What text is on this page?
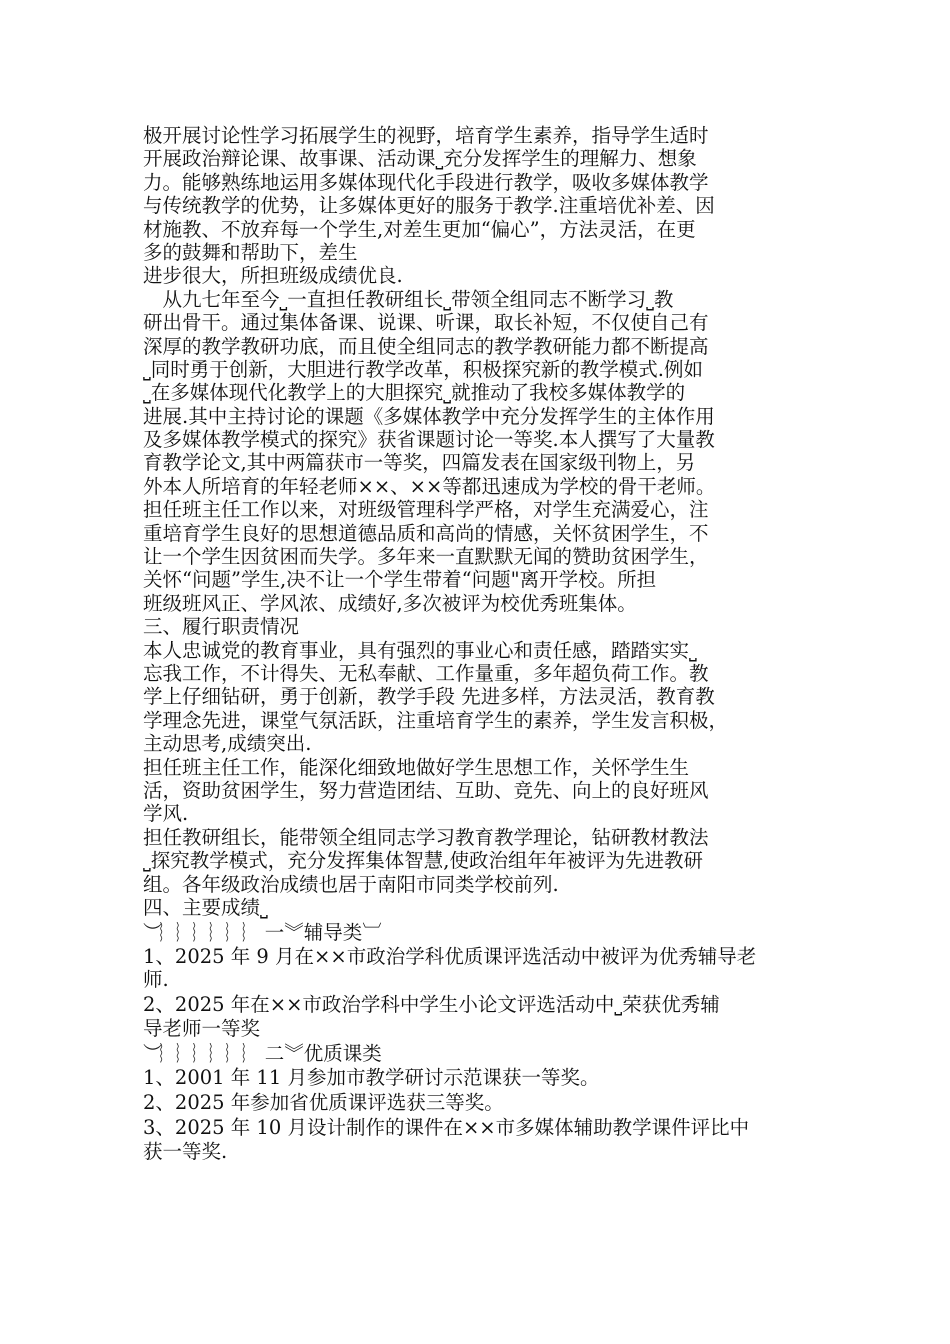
极开展讨论性学习拓展学生的视野，培育学生素养，指导学生适时
开展政治辩论课、故事课、活动课⎵充分发挥学生的理解力、想象
力。能够熟练地运用多媒体现代化手段进行教学，吸收多媒体教学
与传统教学的优势，让多媒体更好的服务于教学.注重培优补差、因
材施教、不放弃每一个学生,对差生更加“偏心”，方法灵活，在更
多的鼓舞和帮助下，差生
进步很大，所担班级成绩优良.
　从九七年至今⎵一直担任教研组长⎵带领全组同志不断学习⎵教
研出骨干。通过集体备课、说课、听课，取长补短，不仅使自己有
深厚的教学教研功底，而且使全组同志的教学教研能力都不断提高
⎵同时勇于创新，大胆进行教学改革，积极探究新的教学模式.例如
⎵在多媒体现代化教学上的大胆探究⎵就推动了我校多媒体教学的
进展.其中主持讨论的课题《多媒体教学中充分发挥学生的主体作用
及多媒体教学模式的探究》获省课题讨论一等奖.本人撰写了大量教
育教学论文,其中两篇获市一等奖，四篇发表在国家级刊物上，另
外本人所培育的年轻老师××、××等都迅速成为学校的骨干老师。
担任班主任工作以来，对班级管理科学严格，对学生充满爱心，注
重培育学生良好的思想道德品质和高尚的情感，关怀贫困学生，不
让一个学生因贫困而失学。多年来一直默默无闻的赞助贫困学生，
关怀“问题”学生,决不让一个学生带着“问题"离开学校。所担
班级班风正、学风浓、成绩好,多次被评为校优秀班集体。
三、履行职责情况
本人忠诚党的教育事业，具有强烈的事业心和责任感，踏踏实实⎵
忘我工作，不计得失、无私奉献、工作量重，多年超负荷工作。教
学上仔细钻研，勇于创新，教学手段 先进多样，方法灵活，教育教
学理念先进，课堂气氛活跃，注重培育学生的素养，学生发言积极，
主动思考,成绩突出.
担任班主任工作，能深化细致地做好学生思想工作，关怀学生生
活，资助贫困学生，努力营造团结、互助、竞先、向上的良好班风
学风.
担任教研组长，能带领全组同志学习教育教学理论，钻研教材教法
⎵探究教学模式，充分发挥集体智慧,使政治组年年被评为先进教研
组。各年级政治成绩也居于南阳市同类学校前列.
四、主要成绩⎵
︶︴︴︴︴︴︴ 一︾辅导类︺
1、2025 年 9 月在××市政治学科优质课评选活动中被评为优秀辅导老
师.
2、2025 年在××市政治学科中学生小论文评选活动中⎵荣获优秀辅
导老师一等奖
︶︴︴︴︴︴︴ 二︾优质课类
1、2001 年 11 月参加市教学研讨示范课获一等奖。
2、2025 年参加省优质课评选获三等奖。
3、2025 年 10 月设计制作的课件在××市多媒体辅助教学课件评比中
获一等奖.
